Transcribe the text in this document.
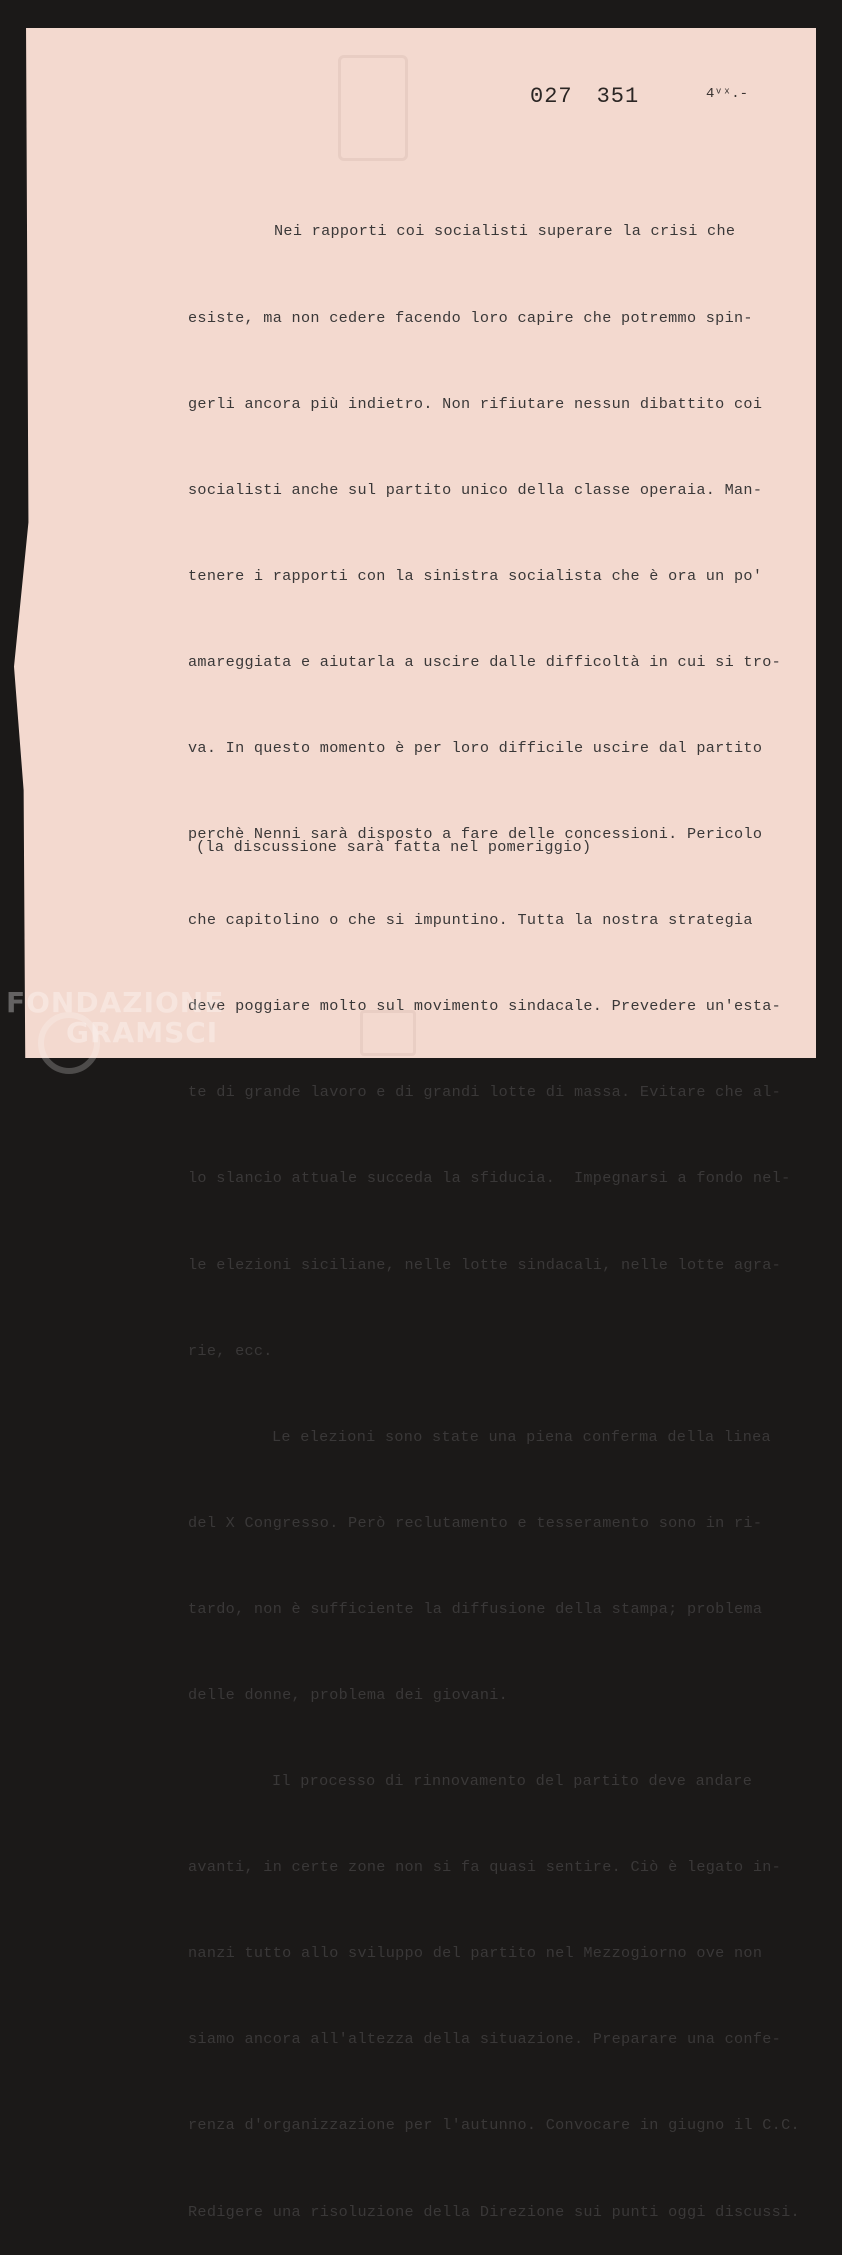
027 351	4ᵛˣ.-

Nei rapporti coi socialisti superare la crisi che

esiste, ma non cedere facendo loro capire che potremmo spin-

gerli ancora più indietro. Non rifiutare nessun dibattito coi

socialisti anche sul partito unico della classe operaia. Man-

tenere i rapporti con la sinistra socialista che è ora un po'

amareggiata e aiutarla a uscire dalle difficoltà in cui si tro-

va. In questo momento è per loro difficile uscire dal partito

perchè Nenni sarà disposto a fare delle concessioni. Pericolo

che capitolino o che si impuntino. Tutta la nostra strategia

deve poggiare molto sul movimento sindacale. Prevedere un'esta-

te di grande lavoro e di grandi lotte di massa. Evitare che al-

lo slancio attuale succeda la sfiducia.  Impegnarsi a fondo nel-

le elezioni siciliane, nelle lotte sindacali, nelle lotte agra-

rie, ecc.

Le elezioni sono state una piena conferma della linea

del X Congresso. Però reclutamento e tesseramento sono in ri-

tardo, non è sufficiente la diffusione della stampa; problema

delle donne, problema dei giovani.

Il processo di rinnovamento del partito deve andare

avanti, in certe zone non si fa quasi sentire. Ciò è legato in-

nanzi tutto allo sviluppo del partito nel Mezzogiorno ove non

siamo ancora all'altezza della situazione. Preparare una confe-

renza d'organizzazione per l'autunno. Convocare in giugno il C.C.

Redigere una risoluzione della Direzione sui punti oggi discussi.

(la discussione sarà fatta nel pomeriggio)
FONDAZIONE
GRAMSCI
